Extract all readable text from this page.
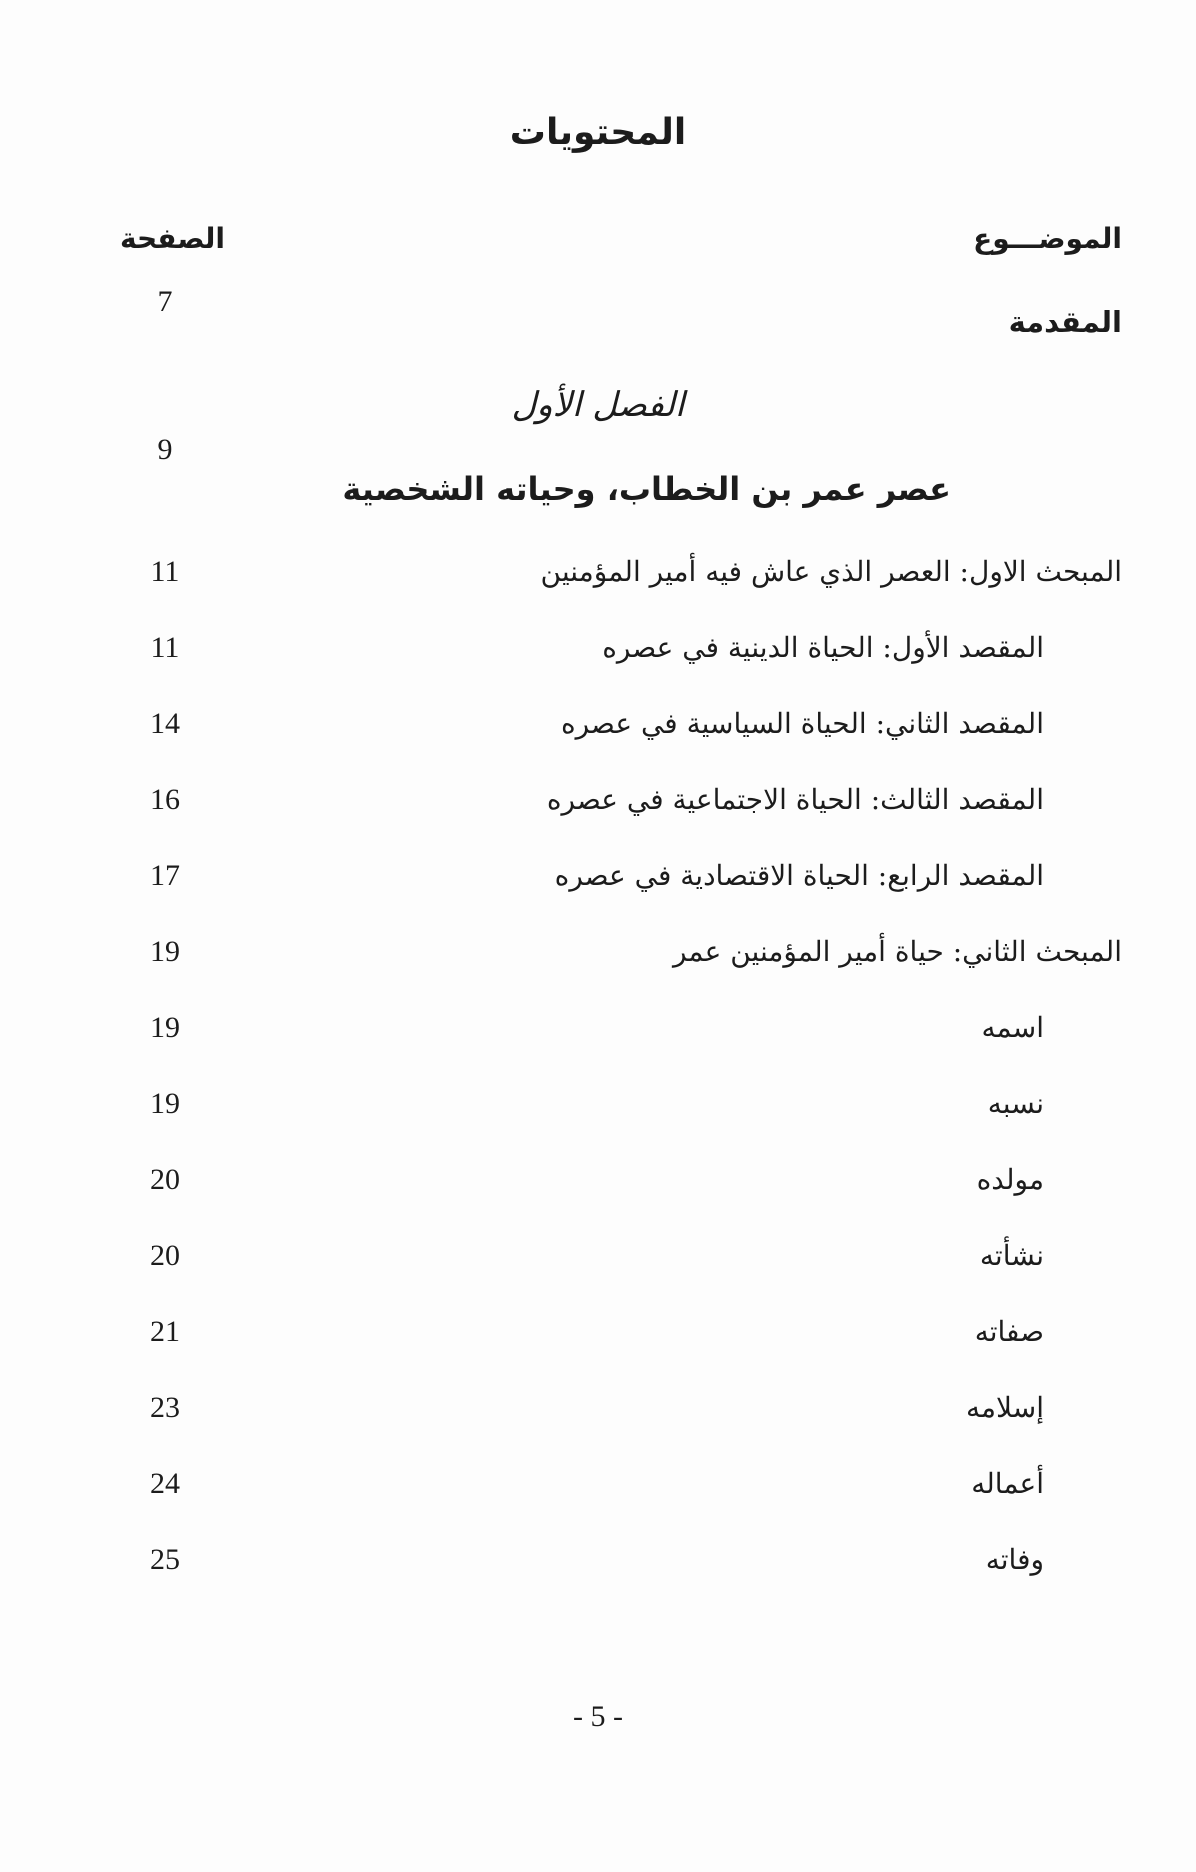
المحتويات
الموضـــوع
الصفحة
المقدمة
7
الفصل الأول
9
عصر عمر بن الخطاب، وحياته الشخصية
المبحث الاول: العصر الذي عاش فيه أمير المؤمنين
11
المقصد الأول: الحياة الدينية في عصره
11
المقصد الثاني: الحياة السياسية في عصره
14
المقصد الثالث: الحياة الاجتماعية في عصره
16
المقصد الرابع: الحياة الاقتصادية في عصره
17
المبحث الثاني: حياة أمير المؤمنين عمر
19
اسمه
19
نسبه
19
مولده
20
نشأته
20
صفاته
21
إسلامه
23
أعماله
24
وفاته
25
- 5 -
